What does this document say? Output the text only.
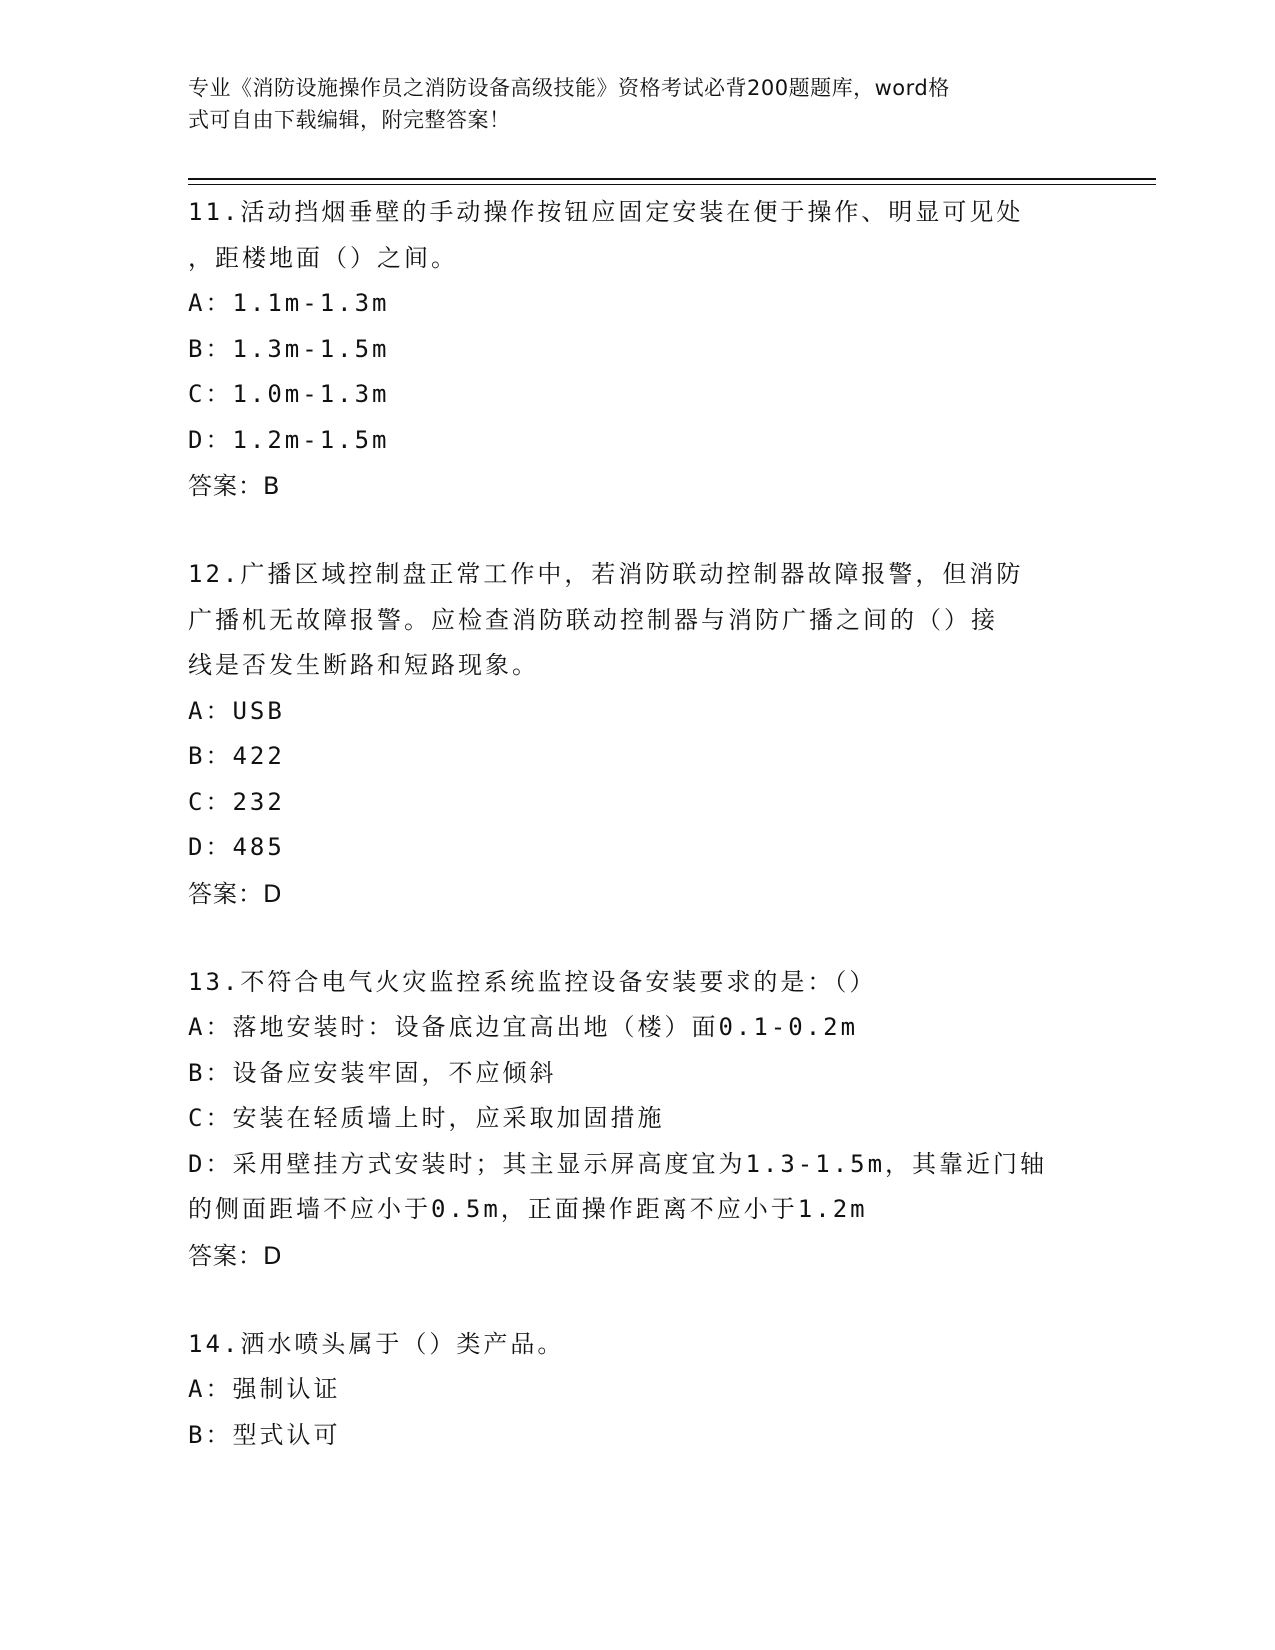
专业《消防设施操作员之消防设备高级技能》资格考试必背200题题库，word格
式可自由下载编辑，附完整答案！
11.活动挡烟垂壁的手动操作按钮应固定安装在便于操作、明显可见处
，距楼地面（）之间。
A：1.1m-1.3m
B：1.3m-1.5m
C：1.0m-1.3m
D：1.2m-1.5m
答案：B
12.广播区域控制盘正常工作中，若消防联动控制器故障报警，但消防
广播机无故障报警。应检查消防联动控制器与消防广播之间的（）接
线是否发生断路和短路现象。
A：USB
B：422
C：232
D：485
答案：D
13.不符合电气火灾监控系统监控设备安装要求的是：（）
A：落地安装时：设备底边宜高出地（楼）面0.1-0.2m
B：设备应安装牢固，不应倾斜
C：安装在轻质墙上时，应采取加固措施
D：采用壁挂方式安装时；其主显示屏高度宜为1.3-1.5m，其靠近门轴
的侧面距墙不应小于0.5m，正面操作距离不应小于1.2m
答案：D
14.洒水喷头属于（）类产品。
A：强制认证
B：型式认可
